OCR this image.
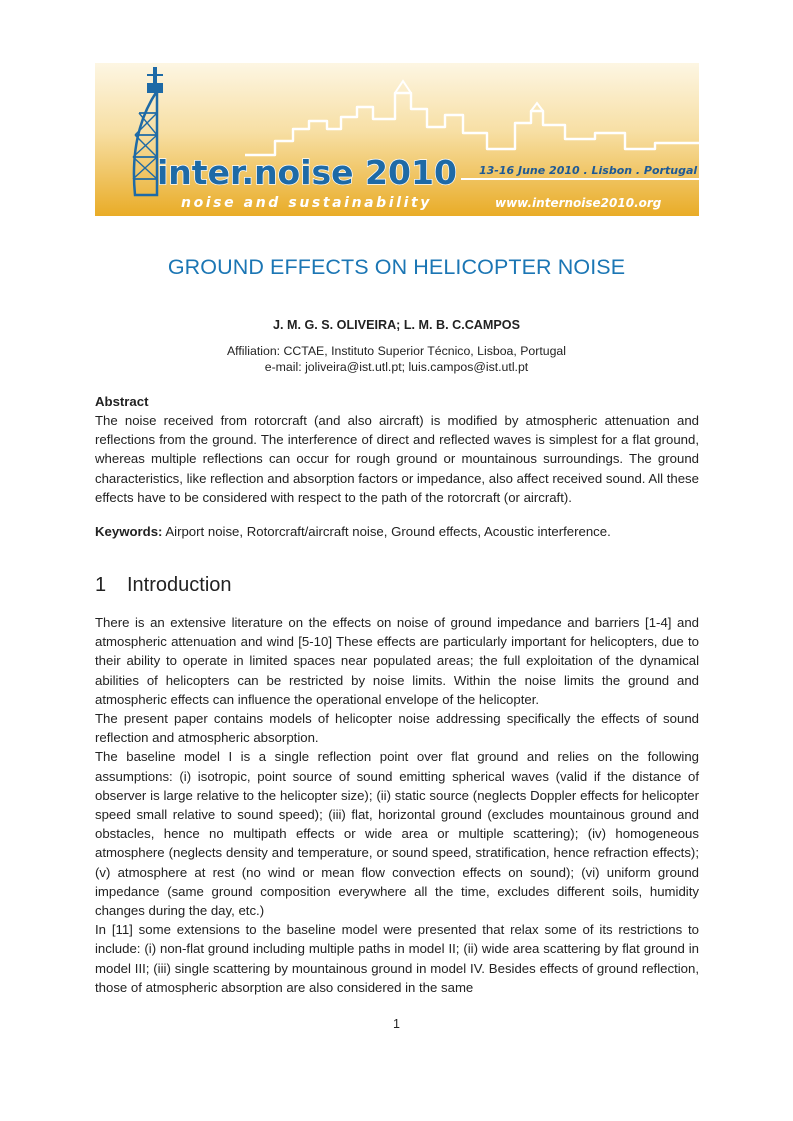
inter.noise 2010 13-16 June 2010 . Lisbon . Portugal
noise and sustainability	www.internoise2010.org
GROUND EFFECTS ON HELICOPTER NOISE
J. M. G. S. OLIVEIRA; L. M. B. C.CAMPOS
Affiliation: CCTAE, Instituto Superior Técnico, Lisboa, Portugal
e-mail: joliveira@ist.utl.pt; luis.campos@ist.utl.pt
Abstract
The noise received from rotorcraft (and also aircraft) is modified by atmospheric attenuation and reflections from the ground. The interference of direct and reflected waves is simplest for a flat ground, whereas multiple reflections can occur for rough ground or mountainous surroundings. The ground characteristics, like reflection and absorption factors or impedance, also affect received sound. All these effects have to be considered with respect to the path of the rotorcraft (or aircraft).
Keywords: Airport noise, Rotorcraft/aircraft noise, Ground effects, Acoustic interference.
1 Introduction

There is an extensive literature on the effects on noise of ground impedance and barriers [1-4] and atmospheric attenuation and wind [5-10] These effects are particularly important for helicopters, due to their ability to operate in limited spaces near populated areas; the full exploitation of the dynamical abilities of helicopters can be restricted by noise limits. Within the noise limits the ground and atmospheric effects can influence the operational envelope of the helicopter.

The present paper contains models of helicopter noise addressing specifically the effects of sound reflection and atmospheric absorption.

The baseline model I is a single reflection point over flat ground and relies on the following assumptions: (i) isotropic, point source of sound emitting spherical waves (valid if the distance of observer is large relative to the helicopter size); (ii) static source (neglects Doppler effects for helicopter speed small relative to sound speed); (iii) flat, horizontal ground (excludes mountainous ground and obstacles, hence no multipath effects or wide area or multiple scattering); (iv) homogeneous atmosphere (neglects density and temperature, or sound speed, stratification, hence refraction effects); (v) atmosphere at rest (no wind or mean flow convection effects on sound); (vi) uniform ground impedance (same ground composition everywhere all the time, excludes different soils, humidity changes during the day, etc.)

In [11] some extensions to the baseline model were presented that relax some of its restrictions to include: (i) non-flat ground including multiple paths in model II; (ii) wide area scattering by flat ground in model III; (iii) single scattering by mountainous ground in model IV. Besides effects of ground reflection, those of atmospheric absorption are also considered in the same

1
